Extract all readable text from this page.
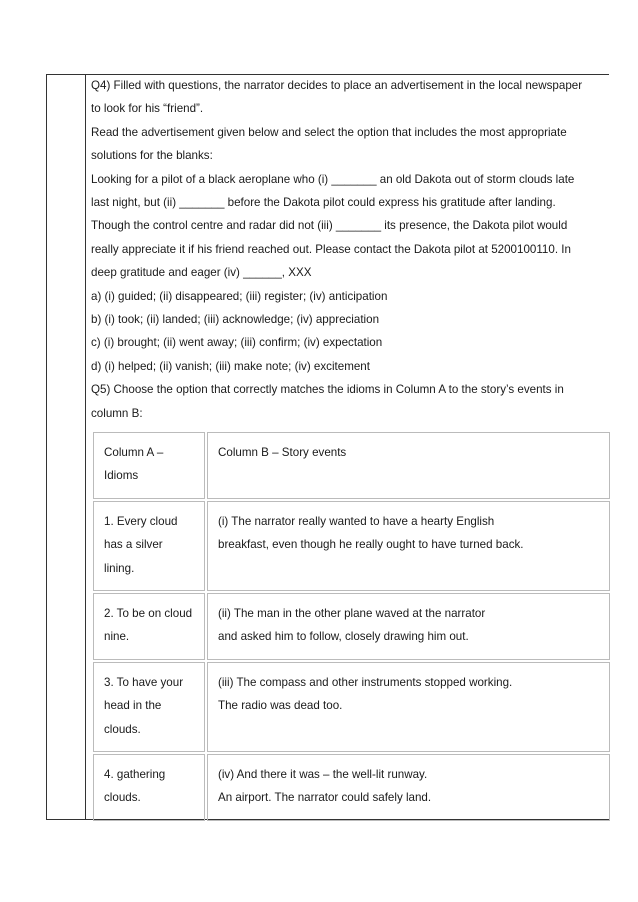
Q4) Filled with questions, the narrator decides to place an advertisement in the local newspaper
to look for his “friend”.
Read the advertisement given below and select the option that includes the most appropriate
solutions for the blanks:
Looking for a pilot of a black aeroplane who (i) _______ an old Dakota out of storm clouds late
last night, but (ii) _______ before the Dakota pilot could express his gratitude after landing.
Though the control centre and radar did not (iii) _______ its presence, the Dakota pilot would
really appreciate it if his friend reached out. Please contact the Dakota pilot at 5200100110. In
deep gratitude and eager (iv) ______, XXX
a) (i) guided; (ii) disappeared; (iii) register; (iv) anticipation
b) (i) took; (ii) landed; (iii) acknowledge; (iv) appreciation
c) (i) brought; (ii) went away; (iii) confirm; (iv) expectation
d) (i) helped; (ii) vanish; (iii) make note; (iv) excitement
Q5) Choose the option that correctly matches the idioms in Column A to the story’s events in
column B:
Column A –
Idioms	Column B – Story events

1. Every cloud
has a silver
lining.	(i) The narrator really wanted to have a hearty English
breakfast, even though he really ought to have turned back.

2. To be on cloud
nine.	(ii) The man in the other plane waved at the narrator
and asked him to follow, closely drawing him out.

3. To have your
head in the
clouds.	(iii) The compass and other instruments stopped working.
The radio was dead too.

4. gathering
clouds.	(iv) And there it was – the well-lit runway.
An airport. The narrator could safely land.
